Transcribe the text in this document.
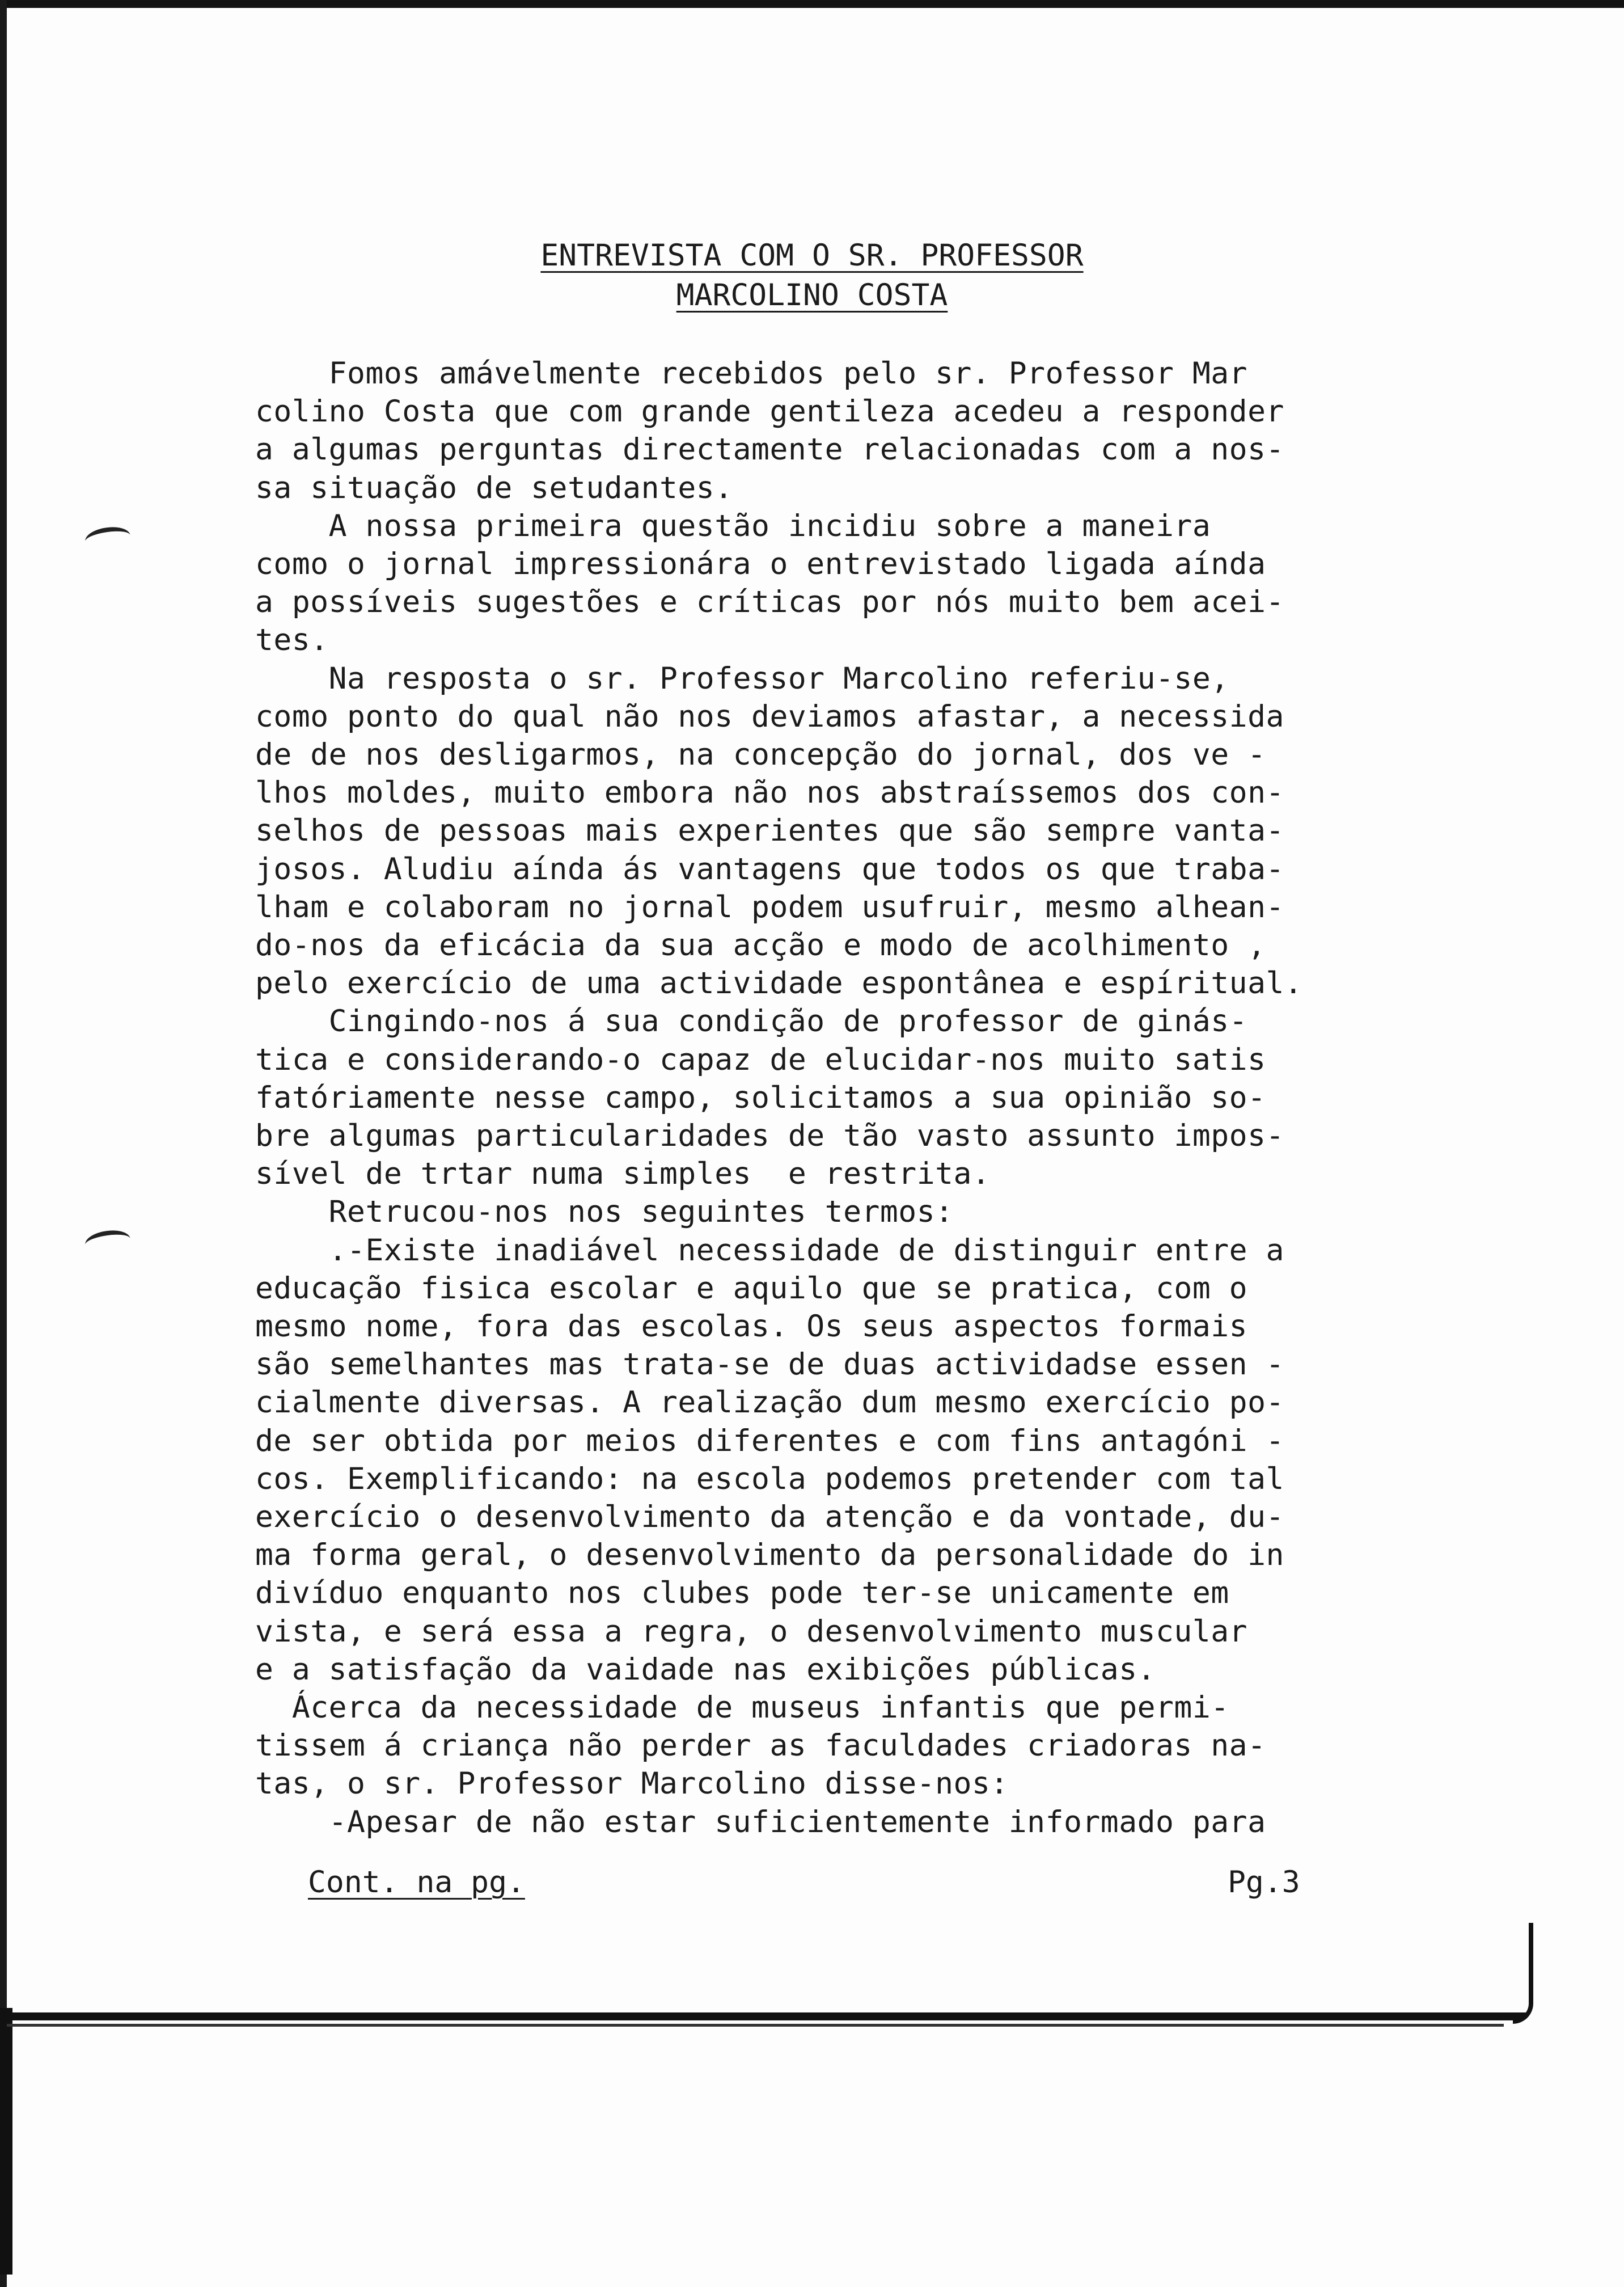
ENTREVISTA COM O SR. PROFESSOR
MARCOLINO COSTA
Fomos amávelmente recebidos pelo sr. Professor Mar
colino Costa que com grande gentileza acedeu a responder
a algumas perguntas directamente relacionadas com a nos-
sa situação de setudantes.
A nossa primeira questão incidiu sobre a maneira
como o jornal impressionára o entrevistado ligada aínda
a possíveis sugestões e críticas por nós muito bem acei-
tes.
Na resposta o sr. Professor Marcolino referiu-se,
como ponto do qual não nos deviamos afastar, a necessida
de de nos desligarmos, na concepção do jornal, dos ve -
lhos moldes, muito embora não nos abstraíssemos dos con-
selhos de pessoas mais experientes que são sempre vanta-
josos. Aludiu aínda ás vantagens que todos os que traba-
lham e colaboram no jornal podem usufruir, mesmo alhean-
do-nos da eficácia da sua acção e modo de acolhimento ,
pelo exercício de uma actividade espontânea e espíritual.
Cingindo-nos á sua condição de professor de ginás-
tica e considerando-o capaz de elucidar-nos muito satis
fatóriamente nesse campo, solicitamos a sua opinião so-
bre algumas particularidades de tão vasto assunto impos-
sível de trtar numa simples  e restrita.
Retrucou-nos nos seguintes termos:
.-Existe inadiável necessidade de distinguir entre a
educação fisica escolar e aquilo que se pratica, com o
mesmo nome, fora das escolas. Os seus aspectos formais
são semelhantes mas trata-se de duas actividadse essen -
cialmente diversas. A realização dum mesmo exercício po-
de ser obtida por meios diferentes e com fins antagóni -
cos. Exemplificando: na escola podemos pretender com tal
exercício o desenvolvimento da atenção e da vontade, du-
ma forma geral, o desenvolvimento da personalidade do in
divíduo enquanto nos clubes pode ter-se unicamente em
vista, e será essa a regra, o desenvolvimento muscular
e a satisfação da vaidade nas exibições públicas.
Ácerca da necessidade de museus infantis que permi-
tissem á criança não perder as faculdades criadoras na-
tas, o sr. Professor Marcolino disse-nos:
-Apesar de não estar suficientemente informado para
Cont. na pg.	Pg.3
